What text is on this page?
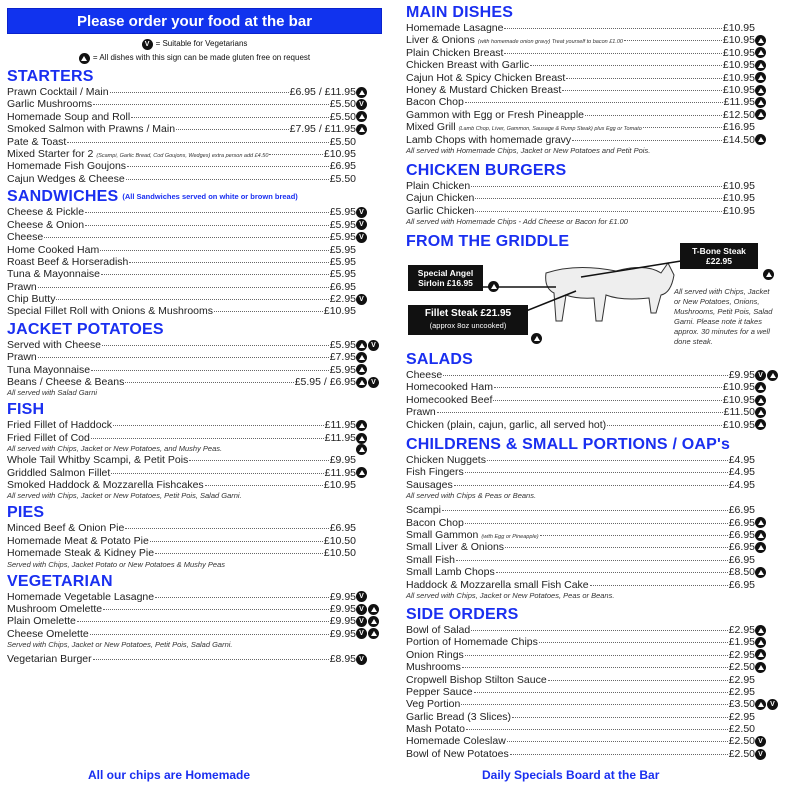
Please order your food at the bar
V = Suitable for Vegetarians
= All dishes with this sign can be made gluten free on request
STARTERS
Prawn Cocktail / Main	£6.95 / £11.95
Garlic Mushrooms	£5.50 V
Homemade Soup and Roll	£5.50
Smoked Salmon with Prawns / Main	£7.95 / £11.95
Pate & Toast	£5.50
Mixed Starter for 2 (Scampi, Garlic Bread, Cod Goujons, Wedges) extra person add £4.50	£10.95
Homemade Fish Goujons	£6.95
Cajun Wedges & Cheese	£5.50
SANDWICHES (All Sandwiches served on white or brown bread)
Cheese & Pickle	£5.95 V
Cheese & Onion	£5.95 V
Cheese	£5.95 V
Home Cooked Ham	£5.95
Roast Beef & Horseradish	£5.95
Tuna & Mayonnaise	£5.95
Prawn	£6.95
Chip Butty	£2.95 V
Special Fillet Roll with Onions & Mushrooms	£10.95
JACKET POTATOES
Served with Cheese	£5.95	V
Prawn	£7.95
Tuna Mayonnaise	£5.95
Beans / Cheese & Beans	£5.95 / £6.95	V
All served with Salad Garni
FISH
Fried Fillet of Haddock	£11.95
Fried Fillet of Cod	£11.95
All served with Chips, Jacket or New Potatoes, and Mushy Peas.
Whole Tail Whitby Scampi, & Petit Pois	£9.95
Griddled Salmon Fillet	£11.95
Smoked Haddock & Mozzarella Fishcakes	£10.95
All served with Chips, Jacket or New Potatoes, Petit Pois, Salad Garni.
PIES
Minced Beef & Onion Pie	£6.95
Homemade Meat & Potato Pie	£10.50
Homemade Steak & Kidney Pie	£10.50
Served with Chips, Jacket Potato or New Potatoes & Mushy Peas
VEGETARIAN
Homemade Vegetable Lasagne	£9.95 V
Mushroom Omelette	£9.95 V
Plain Omelette	£9.95 V
Cheese Omelette	£9.95 V
Served with Chips, Jacket or New Potatoes, Petit Pois, Salad Garni.
Vegetarian Burger	£8.95 V
MAIN DISHES
Homemade Lasagne	£10.95
Liver & Onions (with homemade onion gravy) Treat yourself to bacon £1.00	£10.95
Plain Chicken Breast	£10.95
Chicken Breast with Garlic	£10.95
Cajun Hot & Spicy Chicken Breast	£10.95
Honey & Mustard Chicken Breast	£10.95
Bacon Chop	£11.95
Gammon with Egg or Fresh Pineapple	£12.50
Mixed Grill (Lamb Chop, Liver, Gammon, Sausage & Rump Steak) plus Egg or Tomato	£16.95
Lamb Chops with homemade gravy	£14.50
All served with Homemade Chips, Jacket or New Potatoes and Petit Pois.
CHICKEN BURGERS
Plain Chicken	£10.95
Cajun Chicken	£10.95
Garlic Chicken	£10.95
All served with Homemade Chips - Add Cheese or Bacon for £1.00
FROM THE GRIDDLE
Special Angel
Sirloin £16.95
Fillet Steak £21.95
(approx 8oz uncooked)
T-Bone Steak
£22.95
All served with Chips, Jacket or New Potatoes, Onions, Mushrooms, Petit Pois, Salad Garni. Please note it takes approx. 30 minutes for a well done steak.
SALADS
Cheese	£9.95 V
Homecooked Ham	£10.95
Homecooked Beef	£10.95
Prawn	£11.50
Chicken (plain, cajun, garlic, all served hot)	£10.95
CHILDRENS & SMALL PORTIONS / OAP's
Chicken Nuggets	£4.95
Fish Fingers	£4.95
Sausages	£4.95
All served with Chips & Peas or Beans.
Scampi	£6.95
Bacon Chop	£6.95
Small Gammon (with Egg or Pineapple)	£6.95
Small Liver & Onions	£6.95
Small Fish	£6.95
Small Lamb Chops	£8.50
Haddock & Mozzarella small Fish Cake	£6.95
All served with Chips, Jacket or New Potatoes, Peas or Beans.
SIDE ORDERS
Bowl of Salad	£2.95
Portion of Homemade Chips	£1.95
Onion Rings	£2.95
Mushrooms	£2.50
Cropwell Bishop Stilton Sauce	£2.95
Pepper Sauce	£2.95
Veg Portion	£3.50	V
Garlic Bread (3 Slices)	£2.95
Mash Potato	£2.50
Homemade Coleslaw	£2.50 V
Bowl of New Potatoes	£2.50 V
All our chips are Homemade	Daily Specials Board at the Bar
